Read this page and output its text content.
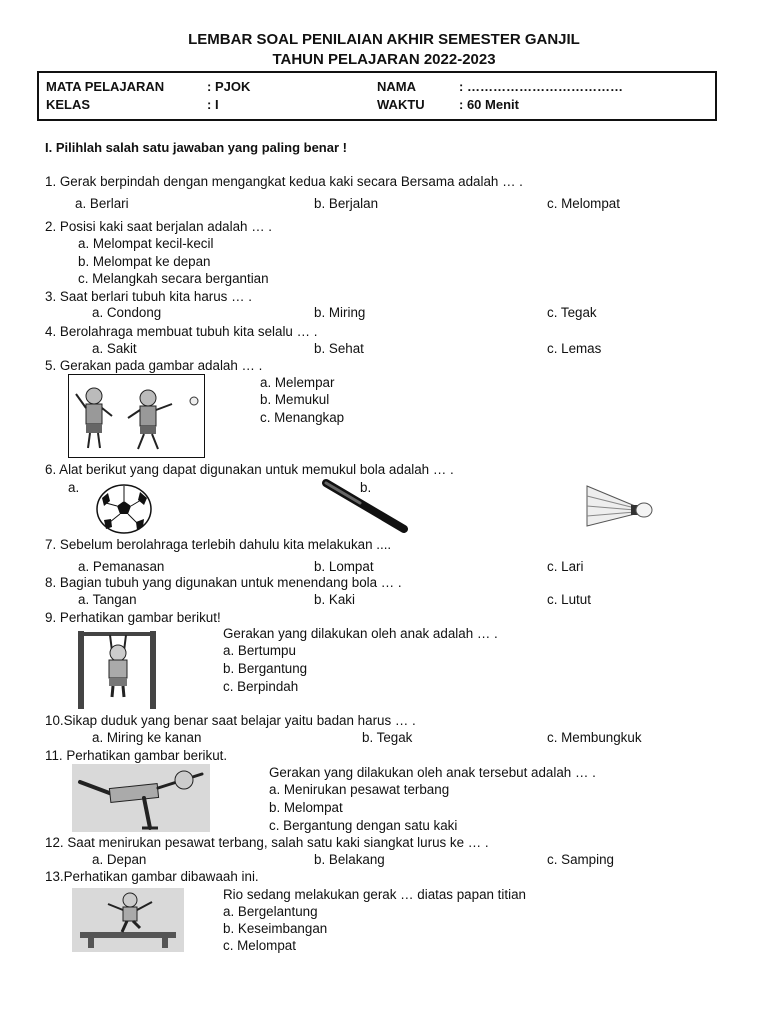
LEMBAR SOAL PENILAIAN AKHIR SEMESTER GANJIL
TAHUN PELAJARAN 2022-2023
MATA PELAJARAN	: PJOK	NAMA	: ………………………………
KELAS	: I	WAKTU	: 60 Menit
I. Pilihlah salah satu jawaban yang paling benar !
1. Gerak berpindah dengan mengangkat kedua kaki secara Bersama adalah … .
a. Berlari	b. Berjalan	c. Melompat
2. Posisi kaki saat berjalan adalah … .
a. Melompat kecil-kecil
b. Melompat ke depan
c. Melangkah secara bergantian
3. Saat berlari tubuh kita harus … .
a. Condong	b. Miring	c. Tegak
4. Berolahraga membuat tubuh kita selalu … .
a. Sakit	b. Sehat	c. Lemas
5. Gerakan pada gambar adalah … .
a. Melempar
b. Memukul
c. Menangkap
6. Alat berikut yang dapat digunakan untuk memukul bola adalah … .
a.	b.
7. Sebelum berolahraga terlebih dahulu kita melakukan ....
a. Pemanasan	b. Lompat	c. Lari
8. Bagian tubuh yang digunakan untuk menendang bola … .
a. Tangan	b. Kaki	c. Lutut
9. Perhatikan gambar berikut!
Gerakan yang dilakukan oleh anak adalah … .
a. Bertumpu
b. Bergantung
c. Berpindah
10.Sikap duduk yang benar saat belajar yaitu badan harus … .
a. Miring ke kanan	b. Tegak	c. Membungkuk
11. Perhatikan gambar berikut.
Gerakan yang dilakukan oleh anak tersebut adalah … .
a. Menirukan pesawat terbang
b. Melompat
c. Bergantung dengan satu kaki
12. Saat menirukan pesawat terbang, salah satu kaki siangkat lurus ke … .
a. Depan	b. Belakang	c. Samping
13.Perhatikan gambar dibawaah ini.
Rio sedang melakukan gerak … diatas papan titian
a. Bergelantung
b. Keseimbangan
c. Melompat
